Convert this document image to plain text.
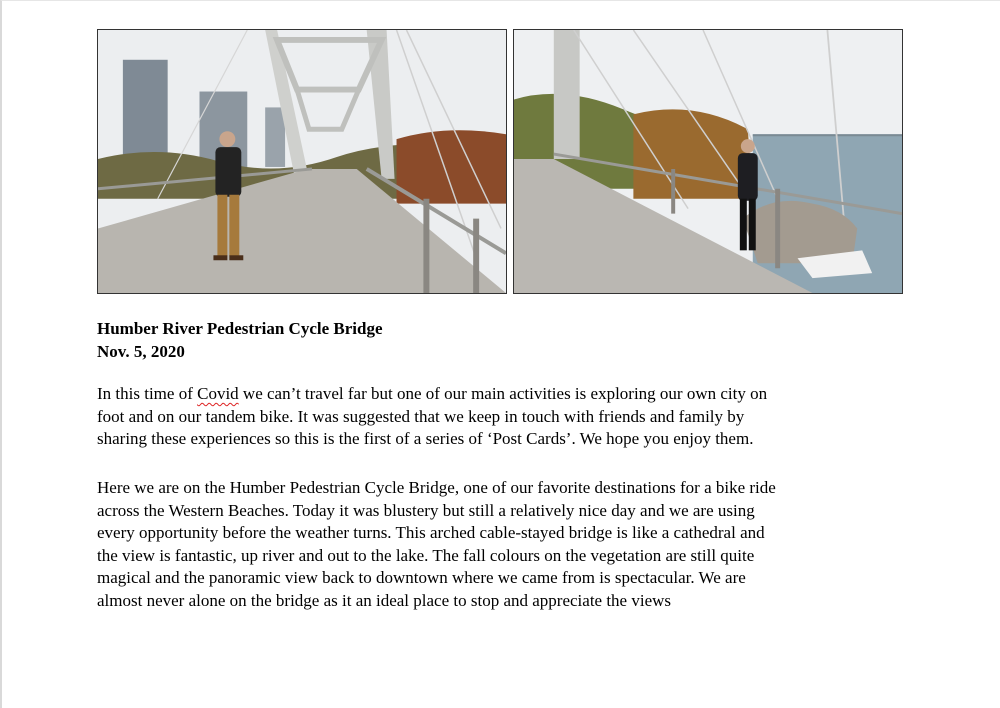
Humber River Pedestrian Cycle Bridge
Nov. 5, 2020

In this time of Covid we can’t travel far but one of our main activities is exploring our own city on
foot and on our tandem bike. It was suggested that we keep in touch with friends and family by
sharing these experiences so this is the first of a series of ‘Post Cards’. We hope you enjoy them.

Here we are on the Humber Pedestrian Cycle Bridge, one of our favorite destinations for a bike ride
across the Western Beaches. Today it was blustery but still a relatively nice day and we are using
every opportunity before the weather turns. This arched cable-stayed bridge is like a cathedral and
the view is fantastic, up river and out to the lake. The fall colours on the vegetation are still quite
magical and the panoramic view back to downtown where we came from is spectacular. We are
almost never alone on the bridge as it an ideal place to stop and appreciate the views
